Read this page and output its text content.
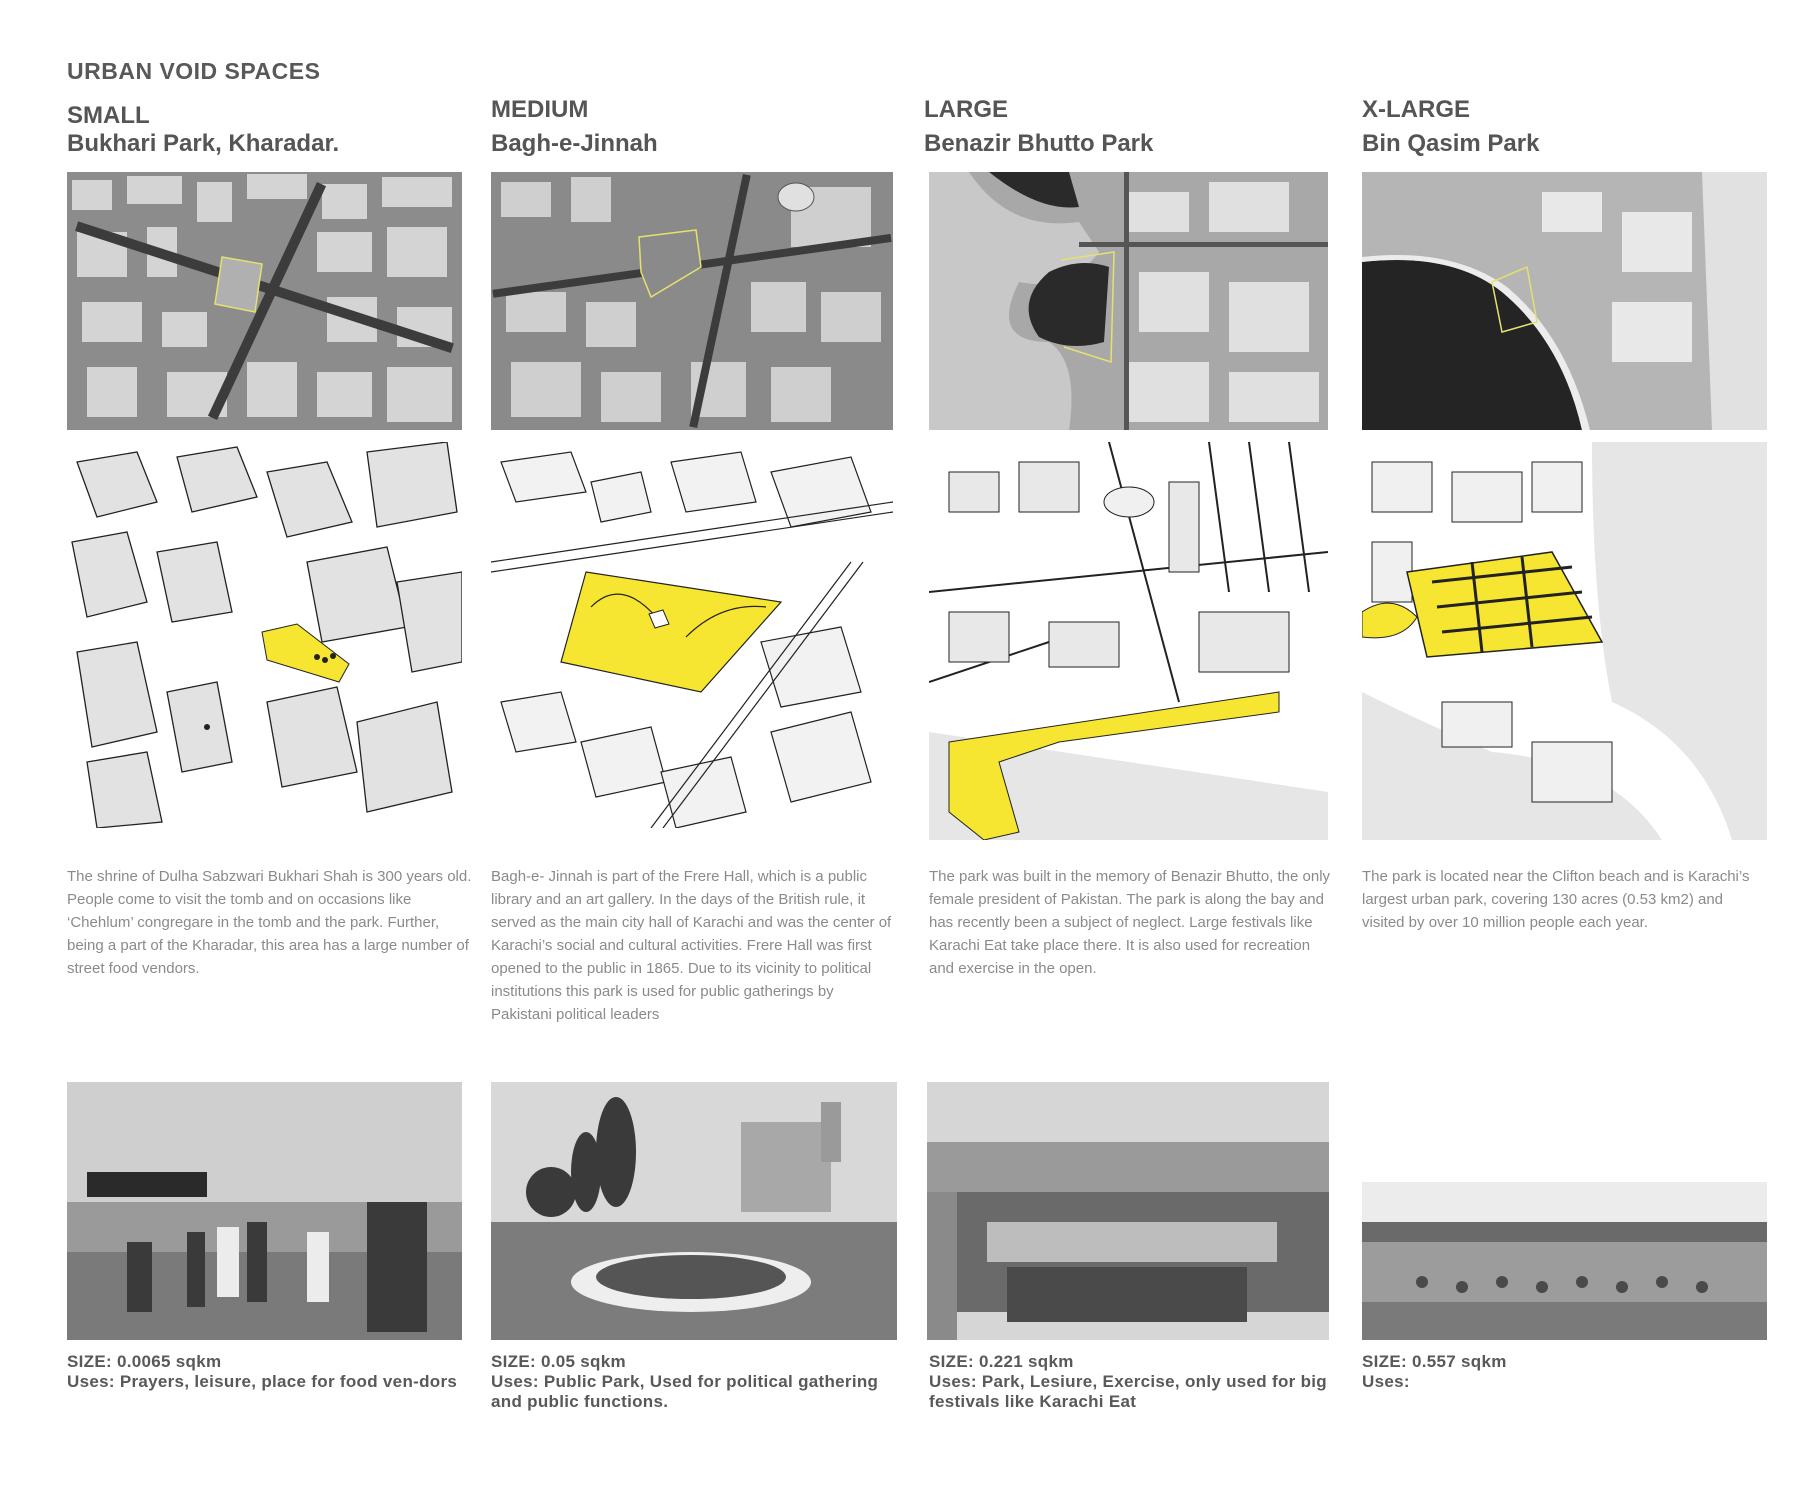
URBAN VOID SPACES
SMALL
Bukhari Park, Kharadar.
The shrine of Dulha Sabzwari Bukhari Shah is 300 years old. People come to visit the tomb and on occasions like ‘Chehlum’ congregare in the tomb and the park. Further, being a part of the Kharadar, this area has a large number of street food vendors.
SIZE: 0.0065 sqkm
Uses: Prayers, leisure, place for food ven-dors
MEDIUM
Bagh-e-Jinnah
Bagh-e- Jinnah is part of the Frere Hall, which is a public library and an art gallery. In the days of the British rule, it served as the main city hall of Karachi and was the center of Karachi’s social and cultural activities. Frere Hall was first opened to the public in 1865. Due to its vicinity to political institutions this park is used for public gatherings by Pakistani political leaders
SIZE: 0.05 sqkm
Uses: Public Park, Used for political gathering and public functions.
LARGE
Benazir Bhutto Park
The park was built in the memory of Benazir Bhutto, the only female president of Pakistan. The park is along the bay and has recently been a subject of neglect. Large festivals like Karachi Eat take place there. It is also used for recreation and exercise in the open.
SIZE: 0.221 sqkm
Uses: Park, Lesiure, Exercise, only used for big festivals like Karachi Eat
X-LARGE
Bin Qasim Park
The park is located near the Clifton beach and is Karachi’s largest urban park, covering 130 acres (0.53 km2) and visited by over 10 million people each year.
SIZE: 0.557 sqkm
Uses:
